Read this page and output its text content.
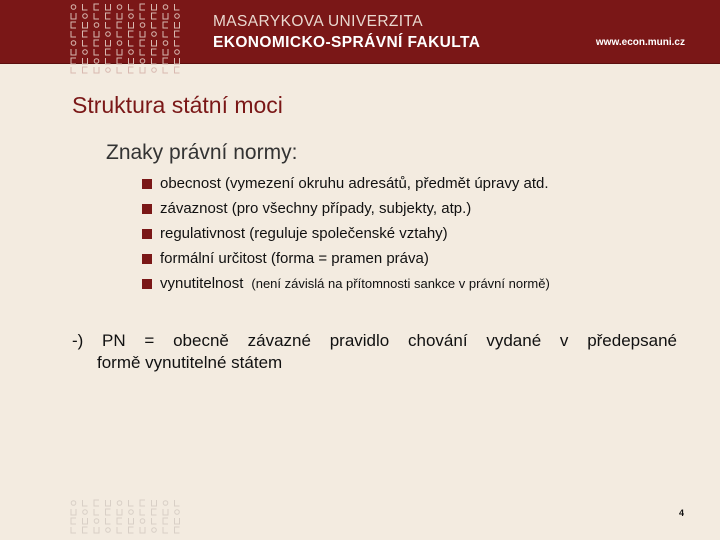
MASARYKOVA UNIVERZITA
EKONOMICKO-SPRÁVNÍ FAKULTA	www.econ.muni.cz
Struktura státní moci
Znaky právní normy:
obecnost (vymezení okruhu adresátů, předmět úpravy atd.
závaznost (pro všechny případy, subjekty, atp.)
regulativnost (reguluje společenské vztahy)
formální určitost (forma = pramen práva)
vynutitelnost (není závislá na přítomnosti sankce v právní normě)
-)	PN = obecně závazné pravidlo chování vydané v předepsané
formě vynutitelné státem
4
